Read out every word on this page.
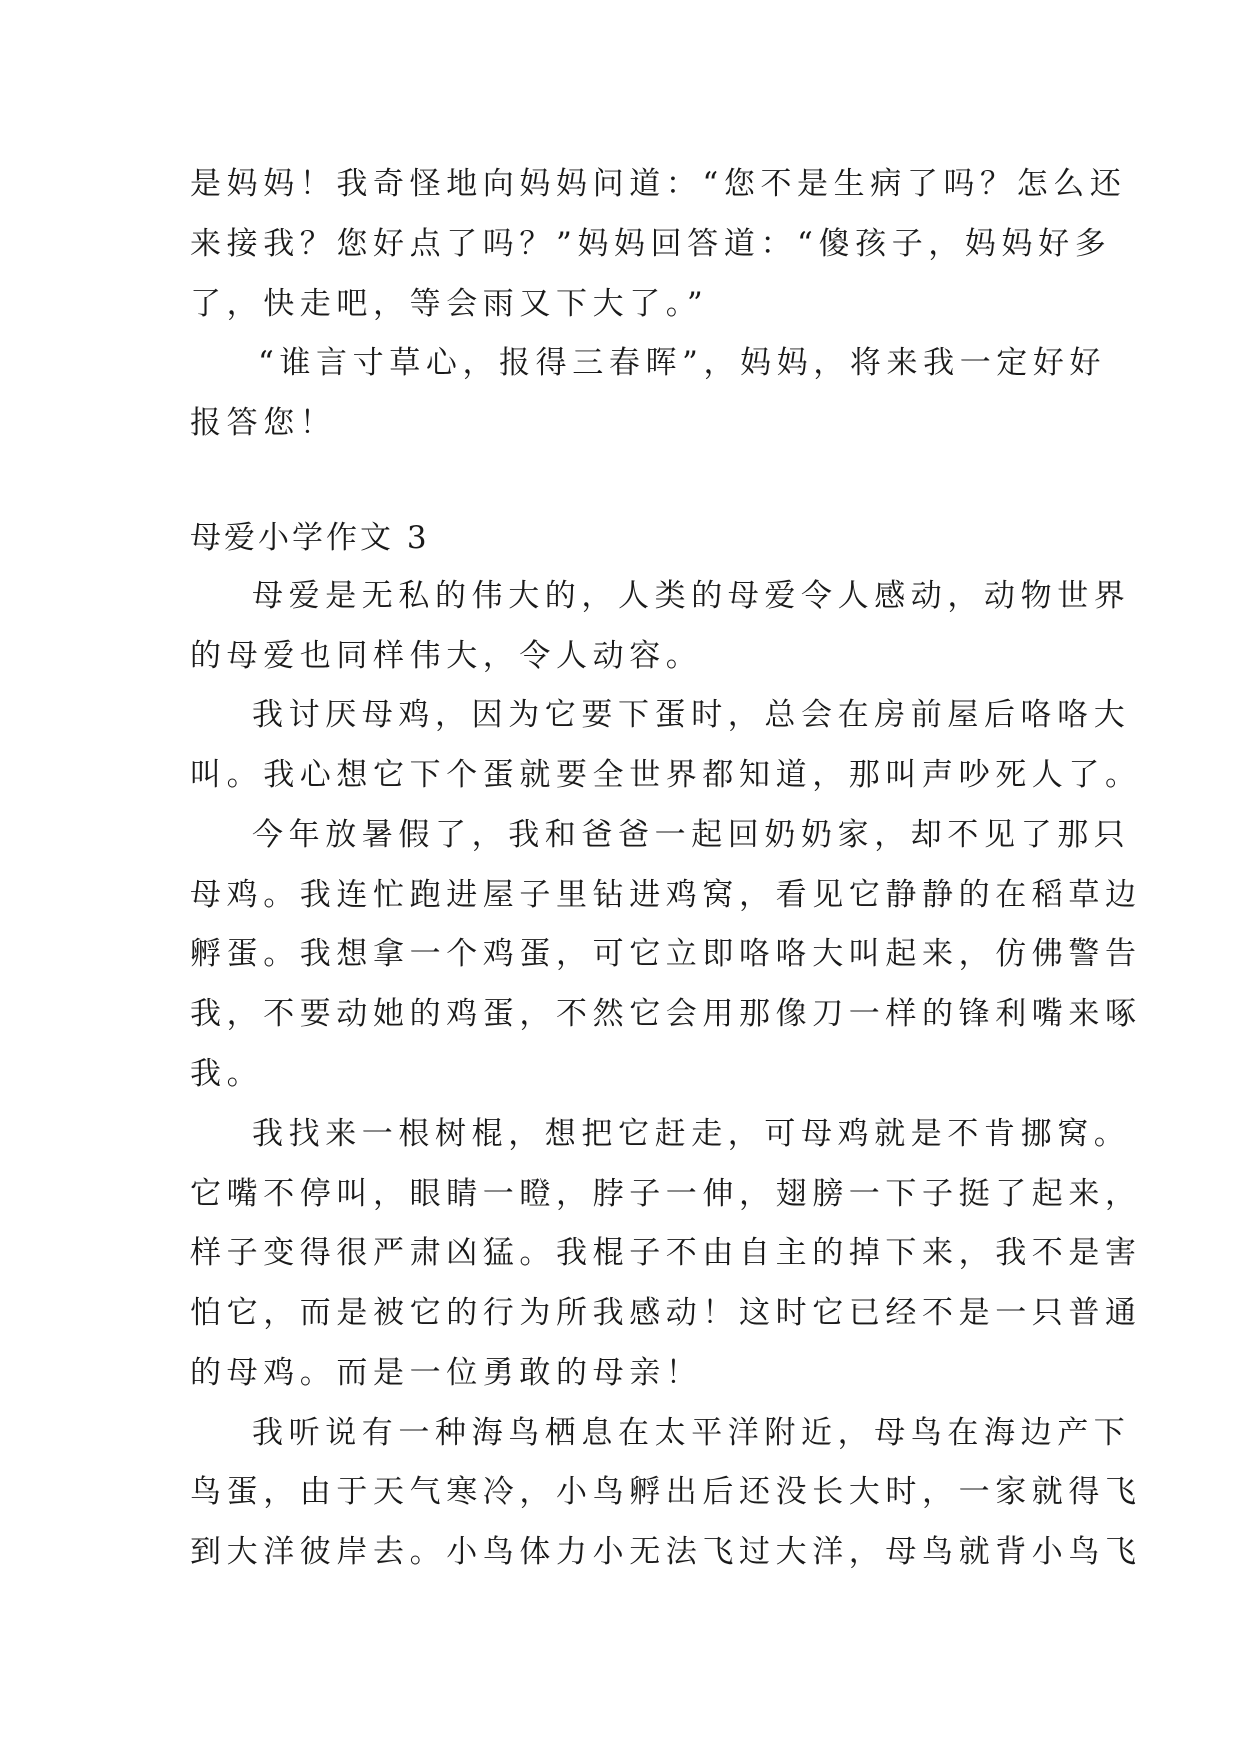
是妈妈！我奇怪地向妈妈问道：“您不是生病了吗？怎么还
来接我？您好点了吗？”妈妈回答道：“傻孩子，妈妈好多
了，快走吧，等会雨又下大了。”
“谁言寸草心，报得三春晖”，妈妈，将来我一定好好
报答您！
母爱小学作文 3
母爱是无私的伟大的，人类的母爱令人感动，动物世界
的母爱也同样伟大，令人动容。
我讨厌母鸡，因为它要下蛋时，总会在房前屋后咯咯大
叫。我心想它下个蛋就要全世界都知道，那叫声吵死人了。
今年放暑假了，我和爸爸一起回奶奶家，却不见了那只
母鸡。我连忙跑进屋子里钻进鸡窝，看见它静静的在稻草边
孵蛋。我想拿一个鸡蛋，可它立即咯咯大叫起来，仿佛警告
我，不要动她的鸡蛋，不然它会用那像刀一样的锋利嘴来啄
我。
我找来一根树棍，想把它赶走，可母鸡就是不肯挪窝。
它嘴不停叫，眼睛一瞪，脖子一伸，翅膀一下子挺了起来，
样子变得很严肃凶猛。我棍子不由自主的掉下来，我不是害
怕它，而是被它的行为所我感动！这时它已经不是一只普通
的母鸡。而是一位勇敢的母亲！
我听说有一种海鸟栖息在太平洋附近，母鸟在海边产下
鸟蛋，由于天气寒冷，小鸟孵出后还没长大时，一家就得飞
到大洋彼岸去。小鸟体力小无法飞过大洋，母鸟就背小鸟飞
